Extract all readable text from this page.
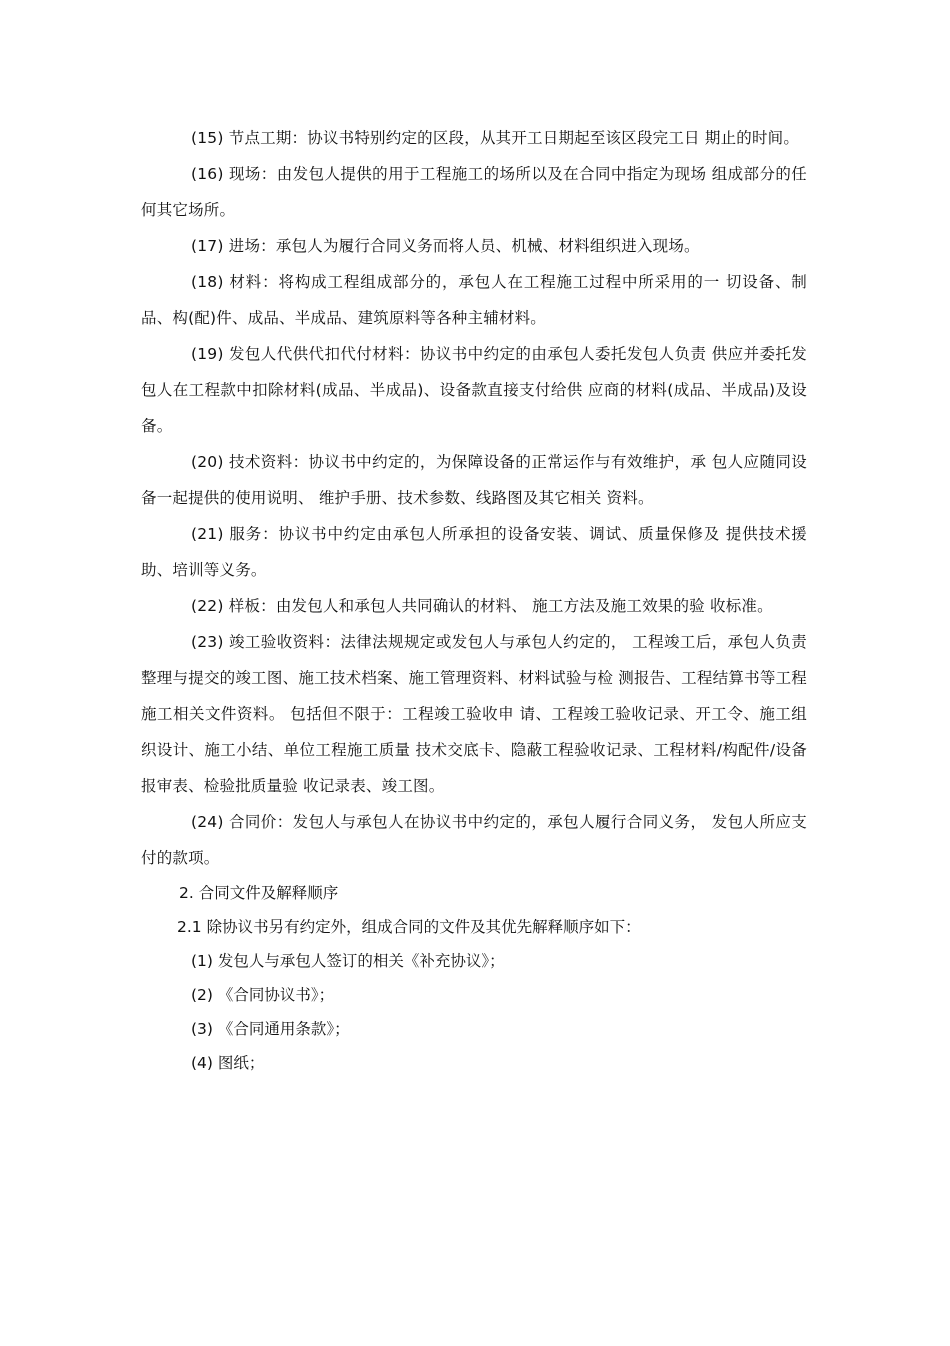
(15) 节点工期：协议书特别约定的区段，从其开工日期起至该区段完工日 期止的时间。

(16) 现场：由发包人提供的用于工程施工的场所以及在合同中指定为现场 组成部分的任何其它场所。

(17) 进场：承包人为履行合同义务而将人员、机械、材料组织进入现场。

(18) 材料：将构成工程组成部分的，承包人在工程施工过程中所采用的一 切设备、制品、构(配)件、成品、半成品、建筑原料等各种主辅材料。

(19) 发包人代供代扣代付材料：协议书中约定的由承包人委托发包人负责 供应并委托发包人在工程款中扣除材料(成品、半成品)、设备款直接支付给供 应商的材料(成品、半成品)及设备。

(20) 技术资料：协议书中约定的，为保障设备的正常运作与有效维护，承 包人应随同设备一起提供的使用说明、 维护手册、技术参数、线路图及其它相关 资料。

(21) 服务：协议书中约定由承包人所承担的设备安装、调试、质量保修及 提供技术援助、培训等义务。

(22) 样板：由发包人和承包人共同确认的材料、 施工方法及施工效果的验 收标准。

(23) 竣工验收资料：法律法规规定或发包人与承包人约定的， 工程竣工后，承包人负责整理与提交的竣工图、施工技术档案、施工管理资料、材料试验与检 测报告、工程结算书等工程施工相关文件资料。 包括但不限于：工程竣工验收申 请、工程竣工验收记录、开工令、施工组织设计、施工小结、单位工程施工质量 技术交底卡、隐蔽工程验收记录、工程材料/构配件/设备报审表、检验批质量验 收记录表、竣工图。

(24) 合同价：发包人与承包人在协议书中约定的，承包人履行合同义务， 发包人所应支付的款项。

2. 合同文件及解释顺序

2.1 除协议书另有约定外，组成合同的文件及其优先解释顺序如下：

(1) 发包人与承包人签订的相关《补充协议》；

(2) 《合同协议书》；

(3) 《合同通用条款》；

(4) 图纸；
